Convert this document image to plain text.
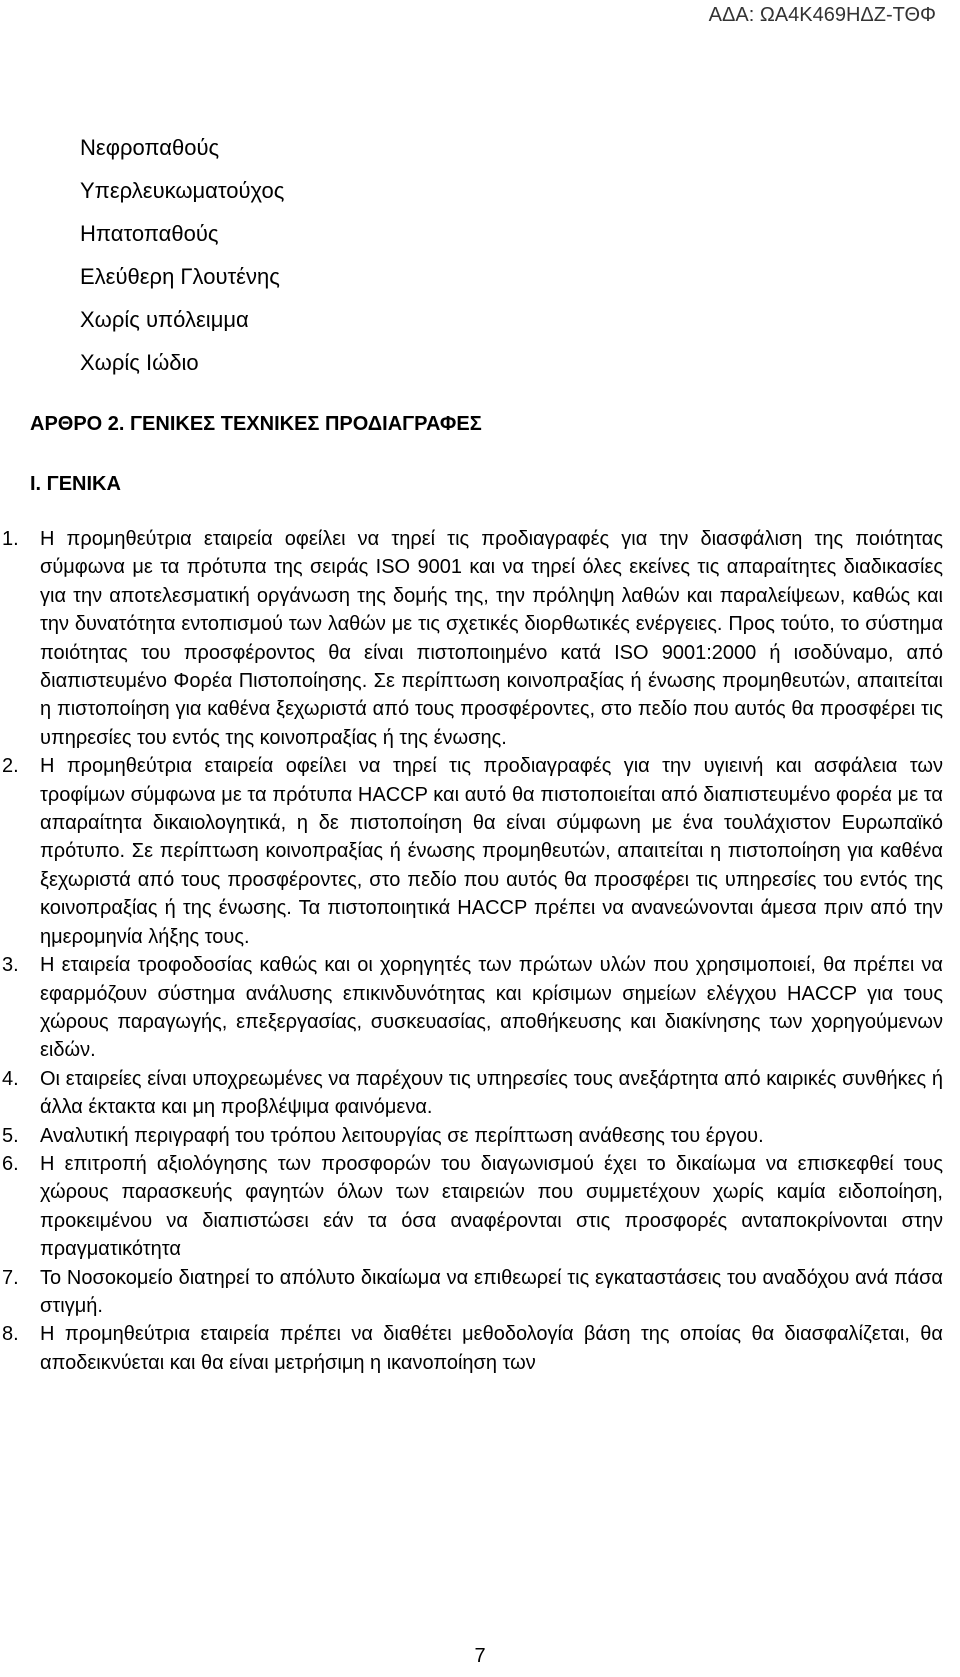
ΑΔΑ: ΩΑ4Κ469ΗΔΖ-ΤΘΦ
Νεφροπαθούς
Υπερλευκωματούχος
Ηπατοπαθούς
Ελεύθερη Γλουτένης
Χωρίς υπόλειμμα
Χωρίς Ιώδιο
ΑΡΘΡΟ 2. ΓΕΝΙΚΕΣ ΤΕΧΝΙΚΕΣ ΠΡΟΔΙΑΓΡΑΦΕΣ
Ι. ΓΕΝΙΚΑ
1. Η προμηθεύτρια εταιρεία οφείλει να τηρεί τις προδιαγραφές για την διασφάλιση της ποιότητας σύμφωνα με τα πρότυπα της σειράς ISO 9001 και να τηρεί όλες εκείνες τις απαραίτητες διαδικασίες για την αποτελεσματική οργάνωση της δομής της, την πρόληψη λαθών και παραλείψεων, καθώς και την δυνατότητα εντοπισμού των λαθών με τις σχετικές διορθωτικές ενέργειες. Προς τούτο, το σύστημα ποιότητας του προσφέροντος θα είναι πιστοποιημένο κατά ISO 9001:2000 ή ισοδύναμο, από διαπιστευμένο Φορέα Πιστοποίησης. Σε περίπτωση κοινοπραξίας ή ένωσης προμηθευτών, απαιτείται η πιστοποίηση για καθένα ξεχωριστά από τους προσφέροντες, στο πεδίο που αυτός θα προσφέρει τις υπηρεσίες του εντός της κοινοπραξίας ή της ένωσης.
2. Η προμηθεύτρια εταιρεία οφείλει να τηρεί τις προδιαγραφές για την υγιεινή και ασφάλεια των τροφίμων σύμφωνα με τα πρότυπα HACCP και αυτό θα πιστοποιείται από διαπιστευμένο φορέα με τα απαραίτητα δικαιολογητικά, η δε πιστοποίηση θα είναι σύμφωνη με ένα τουλάχιστον Ευρωπαϊκό πρότυπο. Σε περίπτωση κοινοπραξίας ή ένωσης προμηθευτών, απαιτείται η πιστοποίηση για καθένα ξεχωριστά από τους προσφέροντες, στο πεδίο που αυτός θα προσφέρει τις υπηρεσίες του εντός της κοινοπραξίας ή της ένωσης. Τα πιστοποιητικά HACCP πρέπει να ανανεώνονται άμεσα πριν από την ημερομηνία λήξης τους.
3. Η εταιρεία τροφοδοσίας καθώς και οι χορηγητές των πρώτων υλών που χρησιμοποιεί, θα πρέπει να εφαρμόζουν σύστημα ανάλυσης επικινδυνότητας και κρίσιμων σημείων ελέγχου HACCP για τους χώρους παραγωγής, επεξεργασίας, συσκευασίας, αποθήκευσης και διακίνησης των χορηγούμενων ειδών.
4. Οι εταιρείες είναι υποχρεωμένες να παρέχουν τις υπηρεσίες τους ανεξάρτητα από καιρικές συνθήκες ή άλλα έκτακτα και μη προβλέψιμα φαινόμενα.
5. Αναλυτική περιγραφή του τρόπου λειτουργίας σε περίπτωση ανάθεσης του έργου.
6. Η επιτροπή αξιολόγησης των προσφορών του διαγωνισμού έχει το δικαίωμα να επισκεφθεί τους χώρους παρασκευής φαγητών όλων των εταιρειών που συμμετέχουν χωρίς καμία ειδοποίηση, προκειμένου να διαπιστώσει εάν τα όσα αναφέρονται στις προσφορές ανταποκρίνονται στην πραγματικότητα
7. Το Νοσοκομείο διατηρεί το απόλυτο δικαίωμα να επιθεωρεί τις εγκαταστάσεις του αναδόχου ανά πάσα στιγμή.
8. Η προμηθεύτρια εταιρεία πρέπει να διαθέτει μεθοδολογία βάση της οποίας θα διασφαλίζεται, θα αποδεικνύεται και θα είναι μετρήσιμη η ικανοποίηση των
7
